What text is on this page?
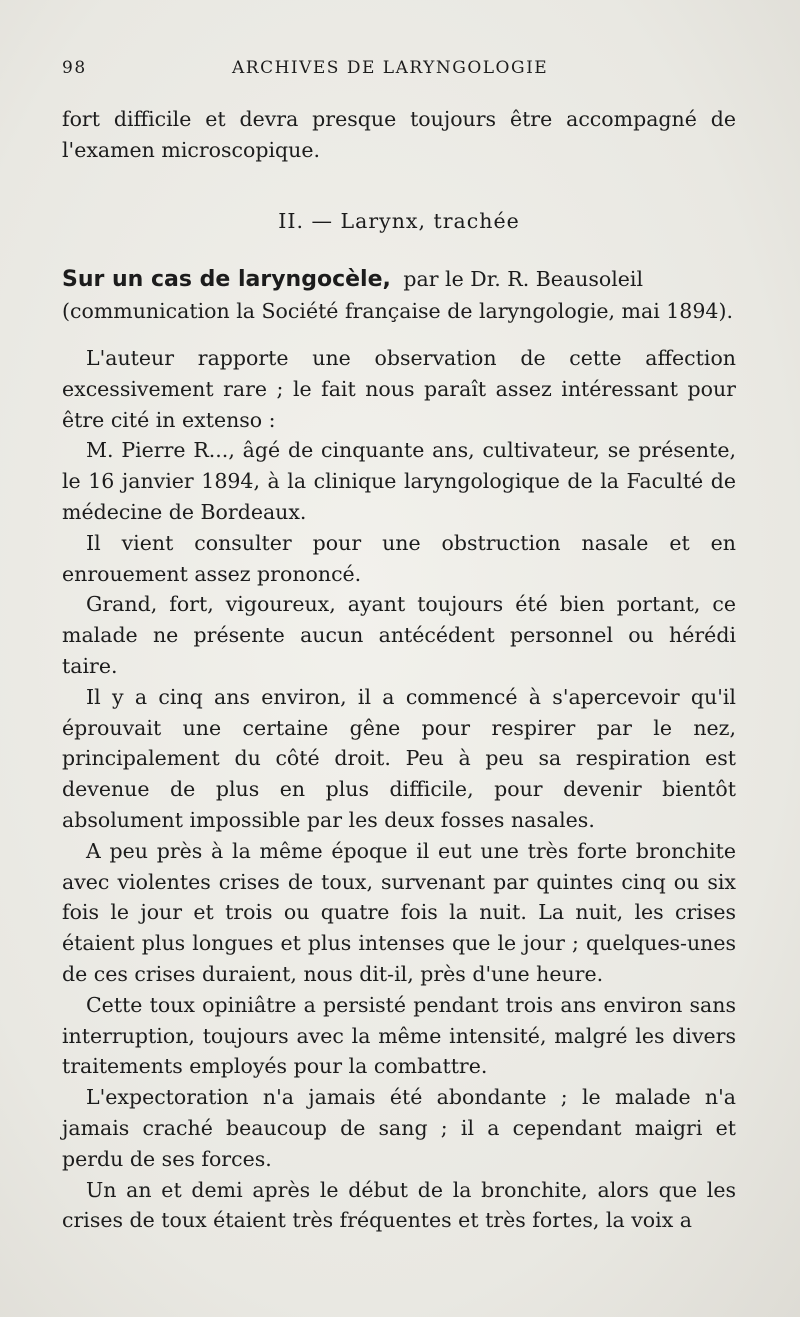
98	ARCHIVES DE LARYNGOLOGIE

fort difficile et devra presque toujours être accompagné de l'examen microscopique.

II. — Larynx, trachée

Sur un cas de laryngocèle, par le Dr. R. Beausoleil
(communication la Société française de laryngologie, mai 1894).

L'auteur rapporte une observation de cette affection excessivement rare ; le fait nous paraît assez intéressant pour être cité in extenso :

M. Pierre R..., âgé de cinquante ans, cultivateur, se présente, le 16 janvier 1894, à la clinique laryngologique de la Faculté de médecine de Bordeaux.

Il vient consulter pour une obstruction nasale et en enrouement assez prononcé.

Grand, fort, vigoureux, ayant toujours été bien portant, ce malade ne présente aucun antécédent personnel ou hérédi taire.

Il y a cinq ans environ, il a commencé à s'apercevoir qu'il éprouvait une certaine gêne pour respirer par le nez, principalement du côté droit. Peu à peu sa respiration est devenue de plus en plus difficile, pour devenir bientôt absolument impossible par les deux fosses nasales.

A peu près à la même époque il eut une très forte bronchite avec violentes crises de toux, survenant par quintes cinq ou six fois le jour et trois ou quatre fois la nuit. La nuit, les crises étaient plus longues et plus intenses que le jour ; quelques-unes de ces crises duraient, nous dit-il, près d'une heure.

Cette toux opiniâtre a persisté pendant trois ans environ sans interruption, toujours avec la même intensité, malgré les divers traitements employés pour la combattre.

L'expectoration n'a jamais été abondante ; le malade n'a jamais craché beaucoup de sang ; il a cependant maigri et perdu de ses forces.

Un an et demi après le début de la bronchite, alors que les crises de toux étaient très fréquentes et très fortes, la voix a
